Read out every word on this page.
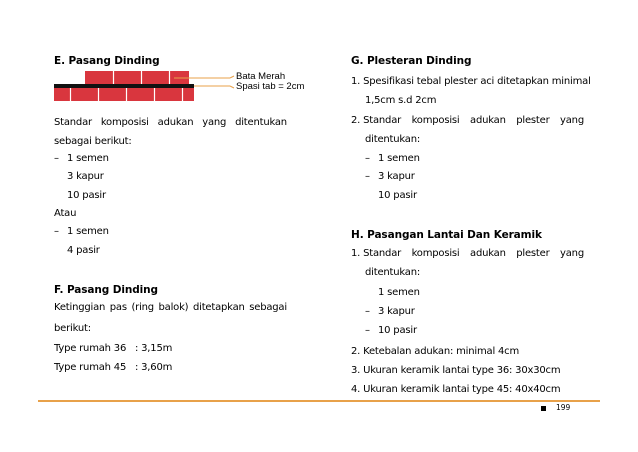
E. Pasang Dinding
Bata Merah
Spasi tab = 2cm
Standar komposisi adukan yang ditentukan
sebagai berikut:
– 1 semen
3 kapur
10 pasir
Atau
– 1 semen
4 pasir
F. Pasang Dinding
Ketinggian pas (ring balok) ditetapkan sebagai
berikut:
Type rumah 36 : 3,15m
Type rumah 45 : 3,60m
G. Plesteran Dinding
1. Spesifikasi tebal plester aci ditetapkan minimal
1,5cm s.d 2cm
2. Standar komposisi adukan plester yang
ditentukan:
– 1 semen
– 3 kapur
10 pasir
H. Pasangan Lantai Dan Keramik
1. Standar komposisi adukan plester yang
ditentukan:
1 semen
– 3 kapur
– 10 pasir
2. Ketebalan adukan: minimal 4cm
3. Ukuran keramik lantai type 36: 30x30cm
4. Ukuran keramik lantai type 45: 40x40cm
199
